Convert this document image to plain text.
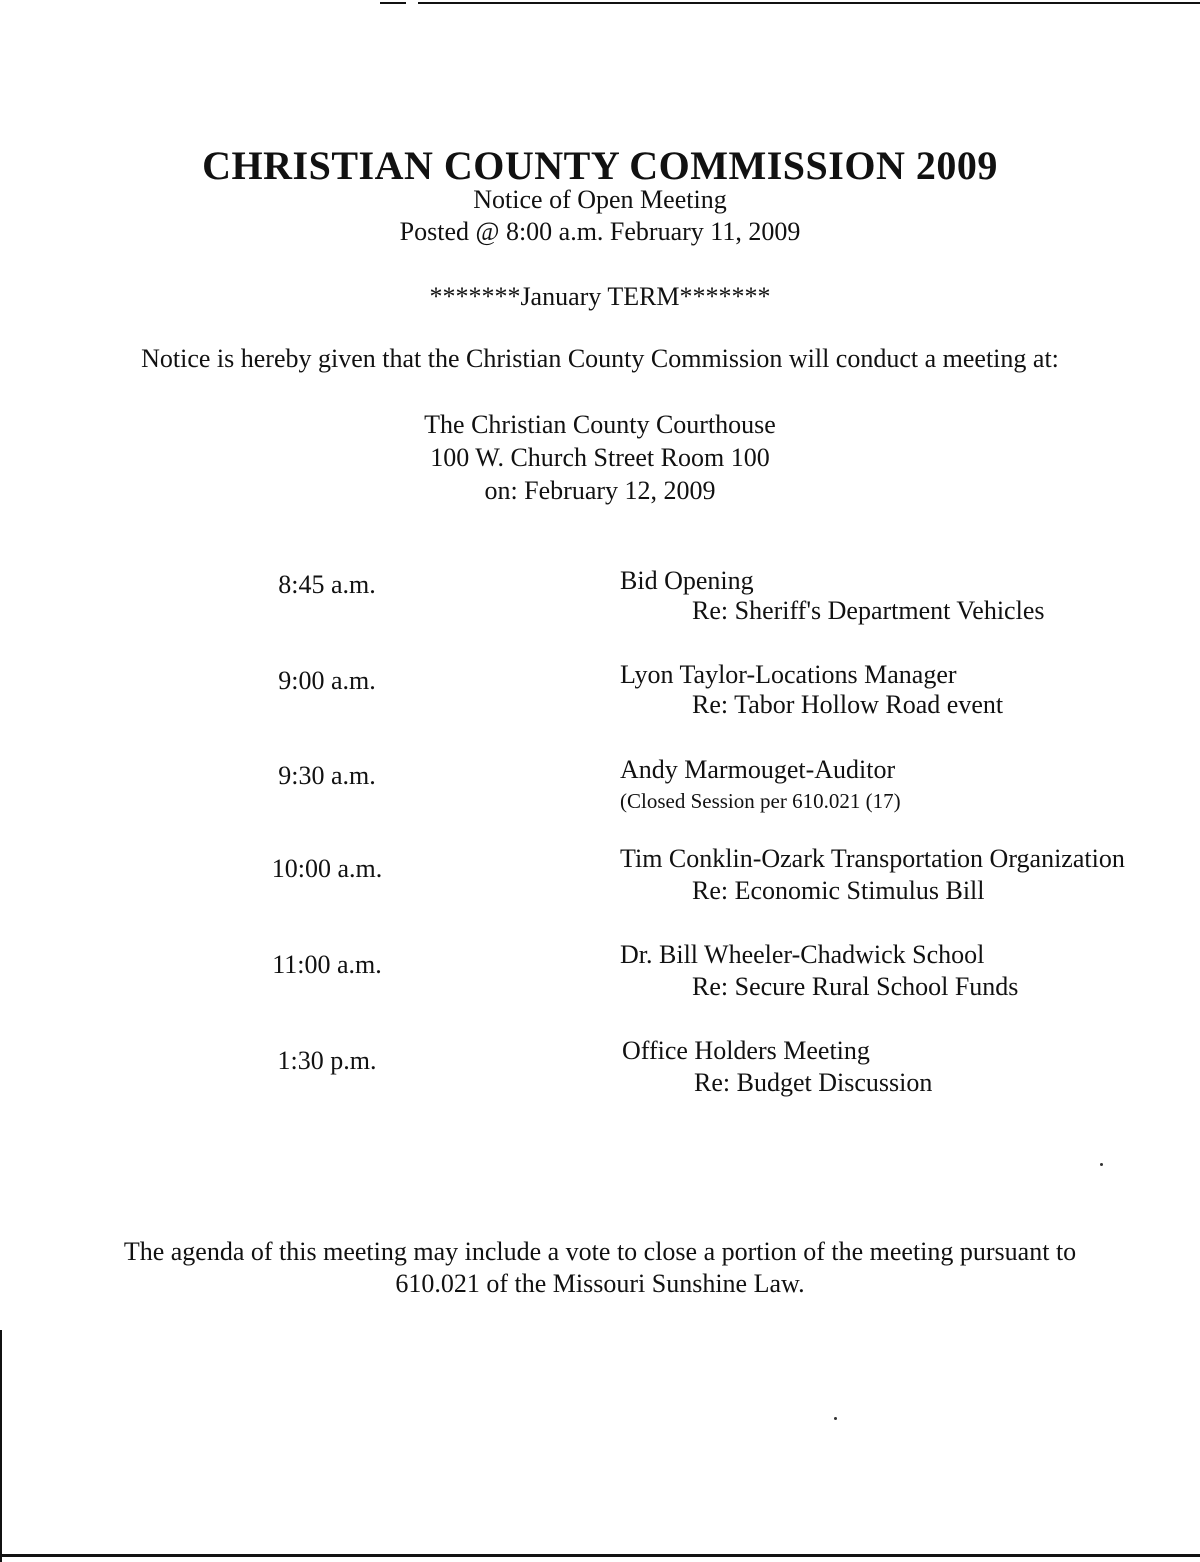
CHRISTIAN COUNTY COMMISSION 2009
Notice of Open Meeting
Posted @ 8:00 a.m. February 11, 2009
*******January TERM*******
Notice is hereby given that the Christian County Commission will conduct a meeting at:
The Christian County Courthouse
100 W. Church Street Room 100
on: February 12, 2009
8:45 a.m.	Bid Opening
Re: Sheriff's Department Vehicles
9:00 a.m.	Lyon Taylor-Locations Manager
Re: Tabor Hollow Road event
9:30 a.m.	Andy Marmouget-Auditor
(Closed Session per 610.021 (17)
10:00 a.m.	Tim Conklin-Ozark Transportation Organization
Re: Economic Stimulus Bill
11:00 a.m.	Dr. Bill Wheeler-Chadwick School
Re: Secure Rural School Funds
1:30 p.m.	Office Holders Meeting
Re: Budget Discussion
The agenda of this meeting may include a vote to close a portion of the meeting pursuant to
610.021 of the Missouri Sunshine Law.
